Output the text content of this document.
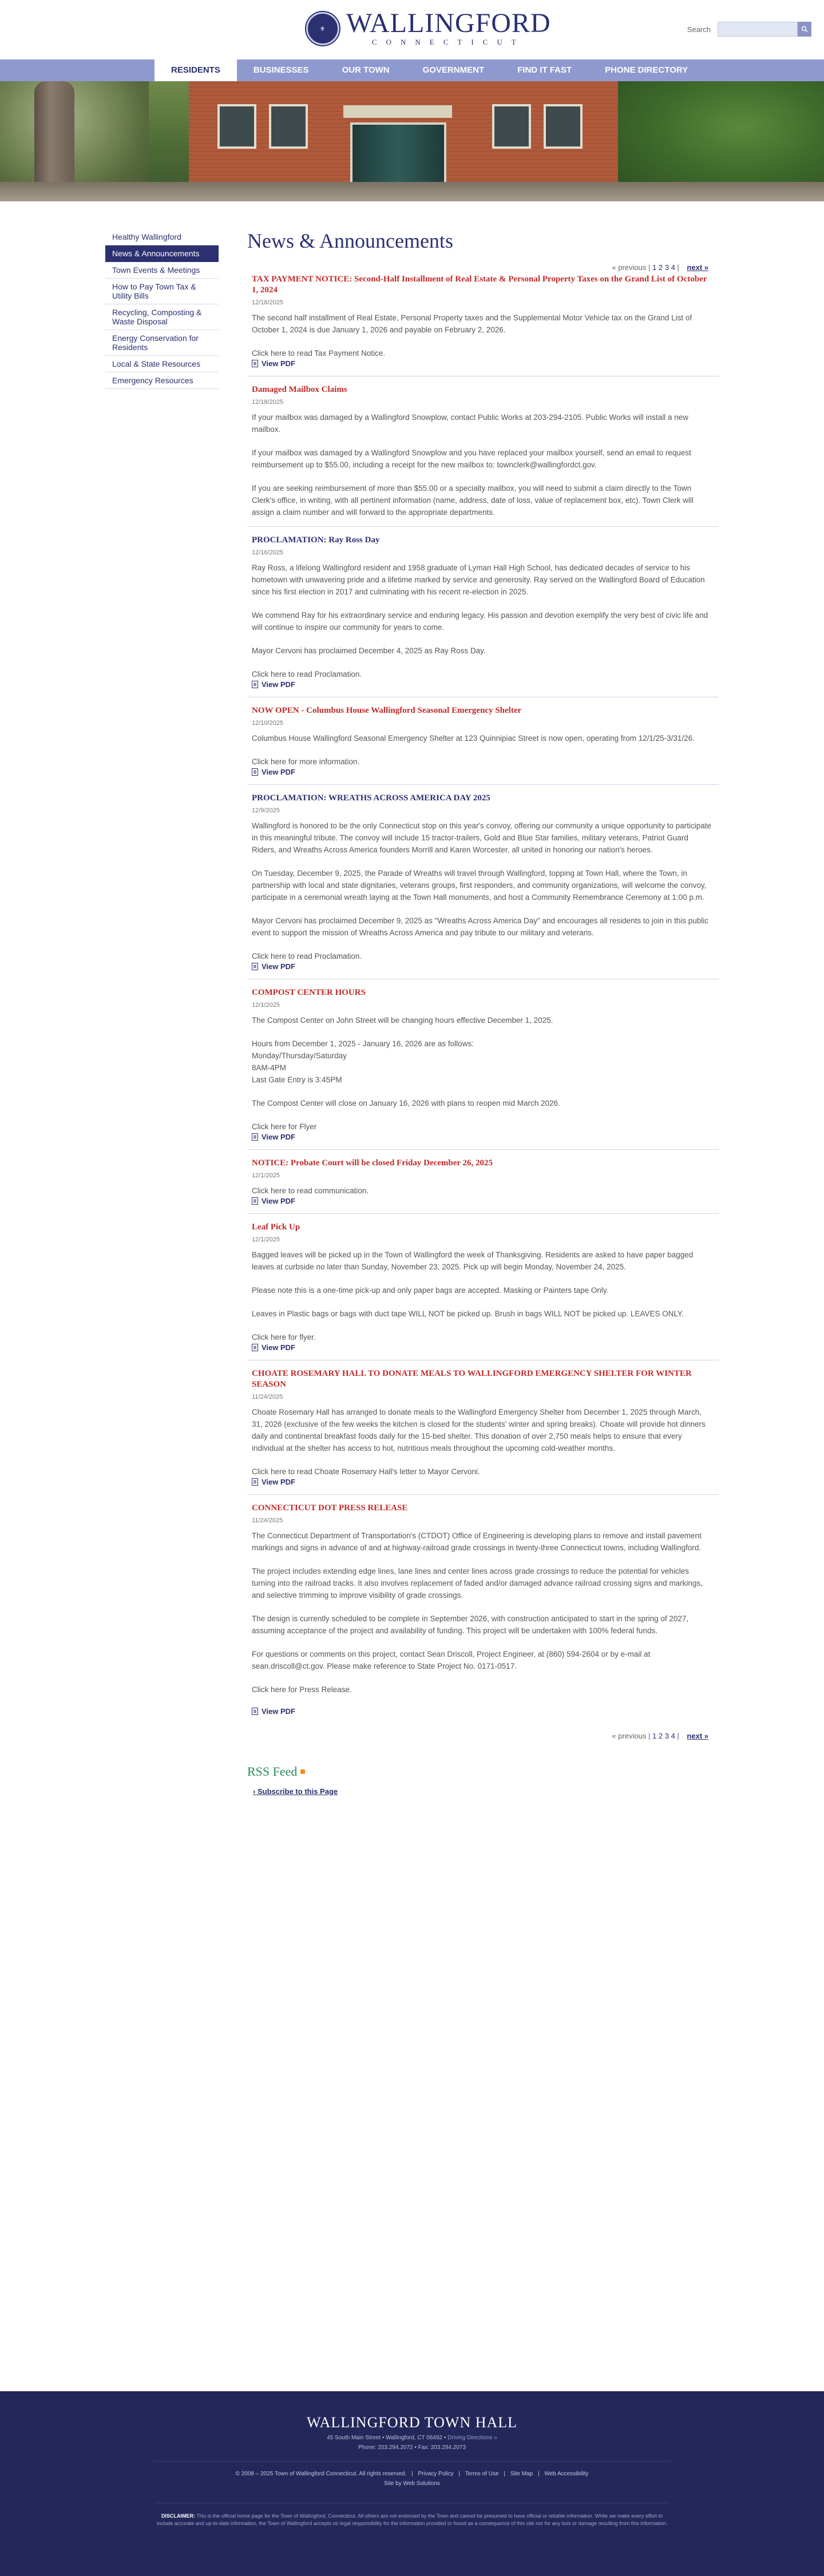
⚜ WALLINGFORD
CONNECTICUT
Search
RESIDENTS	BUSINESSES	OUR TOWN	GOVERNMENT	FIND IT FAST	PHONE DIRECTORY
Healthy Wallingford
News & Announcements
Town Events & Meetings
How to Pay Town Tax & Utility Bills
Recycling, Composting & Waste Disposal
Energy Conservation for Residents
Local & State Resources
Emergency Resources
News & Announcements
« previous | 1 2 3 4 | next »
TAX PAYMENT NOTICE: Second-Half Installment of Real Estate & Personal Property Taxes on the Grand List of October 1, 2024
12/18/2025

The second half installment of Real Estate, Personal Property taxes and the Supplemental Motor Vehicle tax on the Grand List of October 1, 2024 is due January 1, 2026 and payable on February 2, 2026.

Click here to read Tax Payment Notice.

View PDF
Damaged Mailbox Claims
12/18/2025

If your mailbox was damaged by a Wallingford Snowplow, contact Public Works at 203-294-2105. Public Works will install a new mailbox.

If your mailbox was damaged by a Wallingford Snowplow and you have replaced your mailbox yourself, send an email to request reimbursement up to $55.00, including a receipt for the new mailbox to: townclerk@wallingfordct.gov.

If you are seeking reimbursement of more than $55.00 or a specialty mailbox, you will need to submit a claim directly to the Town Clerk's office, in writing, with all pertinent information (name, address, date of loss, value of replacement box, etc). Town Clerk will assign a claim number and will forward to the appropriate departments.

PROCLAMATION: Ray Ross Day
12/16/2025

Ray Ross, a lifelong Wallingford resident and 1958 graduate of Lyman Hall High School, has dedicated decades of service to his hometown with unwavering pride and a lifetime marked by service and generosity. Ray served on the Wallingford Board of Education since his first election in 2017 and culminating with his recent re-election in 2025.

We commend Ray for his extraordinary service and enduring legacy. His passion and devotion exemplify the very best of civic life and will continue to inspire our community for years to come.

Mayor Cervoni has proclaimed December 4, 2025 as Ray Ross Day.

Click here to read Proclamation.

View PDF
NOW OPEN - Columbus House Wallingford Seasonal Emergency Shelter
12/10/2025

Columbus House Wallingford Seasonal Emergency Shelter at 123 Quinnipiac Street is now open, operating from 12/1/25-3/31/26.

Click here for more information.

View PDF
PROCLAMATION: WREATHS ACROSS AMERICA DAY 2025
12/9/2025

Wallingford is honored to be the only Connecticut stop on this year's convoy, offering our community a unique opportunity to participate in this meaningful tribute. The convoy will include 15 tractor-trailers, Gold and Blue Star families, military veterans, Patriot Guard Riders, and Wreaths Across America founders Morrill and Karen Worcester, all united in honoring our nation's heroes.

On Tuesday, December 9, 2025, the Parade of Wreaths will travel through Wallingford, topping at Town Hall, where the Town, in partnership with local and state dignitaries, veterans groups, first responders, and community organizations, will welcome the convoy, participate in a ceremonial wreath laying at the Town Hall monuments, and host a Community Remembrance Ceremony at 1:00 p.m.

Mayor Cervoni has proclaimed December 9, 2025 as "Wreaths Across America Day" and encourages all residents to join in this public event to support the mission of Wreaths Across America and pay tribute to our military and veterans.

Click here to read Proclamation.

View PDF
COMPOST CENTER HOURS
12/1/2025

The Compost Center on John Street will be changing hours effective December 1, 2025.

Hours from December 1, 2025 - January 16, 2026 are as follows:

Monday/Thursday/Saturday

8AM-4PM

Last Gate Entry is 3:45PM

The Compost Center will close on January 16, 2026 with plans to reopen mid March 2026.

Click here for Flyer

View PDF
NOTICE: Probate Court will be closed Friday December 26, 2025
12/1/2025

Click here to read communication.

View PDF
Leaf Pick Up
12/1/2025

Bagged leaves will be picked up in the Town of Wallingford the week of Thanksgiving. Residents are asked to have paper bagged leaves at curbside no later than Sunday, November 23, 2025. Pick up will begin Monday, November 24, 2025.

Please note this is a one-time pick-up and only paper bags are accepted. Masking or Painters tape Only.

Leaves in Plastic bags or bags with duct tape WILL NOT be picked up. Brush in bags WILL NOT be picked up. LEAVES ONLY.

Click here for flyer.

View PDF
CHOATE ROSEMARY HALL TO DONATE MEALS TO WALLINGFORD EMERGENCY SHELTER FOR WINTER SEASON
11/24/2025

Choate Rosemary Hall has arranged to donate meals to the Wallingford Emergency Shelter from December 1, 2025 through March, 31, 2026 (exclusive of the few weeks the kitchen is closed for the students' winter and spring breaks). Choate will provide hot dinners daily and continental breakfast foods daily for the 15-bed shelter. This donation of over 2,750 meals helps to ensure that every individual at the shelter has access to hot, nutritious meals throughout the upcoming cold-weather months.

Click here to read Choate Rosemary Hall's letter to Mayor Cervoni.

View PDF
CONNECTICUT DOT PRESS RELEASE
11/24/2025

The Connecticut Department of Transportation's (CTDOT) Office of Engineering is developing plans to remove and install pavement markings and signs in advance of and at highway-railroad grade crossings in twenty-three Connecticut towns, including Wallingford.

The project includes extending edge lines, lane lines and center lines across grade crossings to reduce the potential for vehicles turning into the railroad tracks. It also involves replacement of faded and/or damaged advance railroad crossing signs and markings, and selective trimming to improve visibility of grade crossings.

The design is currently scheduled to be complete in September 2026, with construction anticipated to start in the spring of 2027, assuming acceptance of the project and availability of funding. This project will be undertaken with 100% federal funds.

For questions or comments on this project, contact Sean Driscoll, Project Engineer, at (860) 594-2604 or by e-mail at sean.driscoll@ct.gov. Please make reference to State Project No. 0171-0517.

Click here for Press Release.

View PDF
« previous | 1 2 3 4 | next »
RSS Feed
› Subscribe to this Page
WALLINGFORD TOWN HALL
45 South Main Street • Wallingford, CT 06492 • Driving Directions »
Phone: 203.294.2072 • Fax: 203.294.2073
© 2008 – 2025 Town of Wallingford Connecticut. All rights reserved. | Privacy Policy | Terms of Use | Site Map | Web Accessibility
Site by Web Solutions
DISCLAIMER: This is the official home page for the Town of Wallingford, Connecticut. All others are not endorsed by the Town and cannot be presumed to have official or reliable information. While we make every effort to include accurate and up-to-date information, the Town of Wallingford accepts no legal responsibility for the information provided or found as a consequence of this site nor for any loss or damage resulting from this information.
